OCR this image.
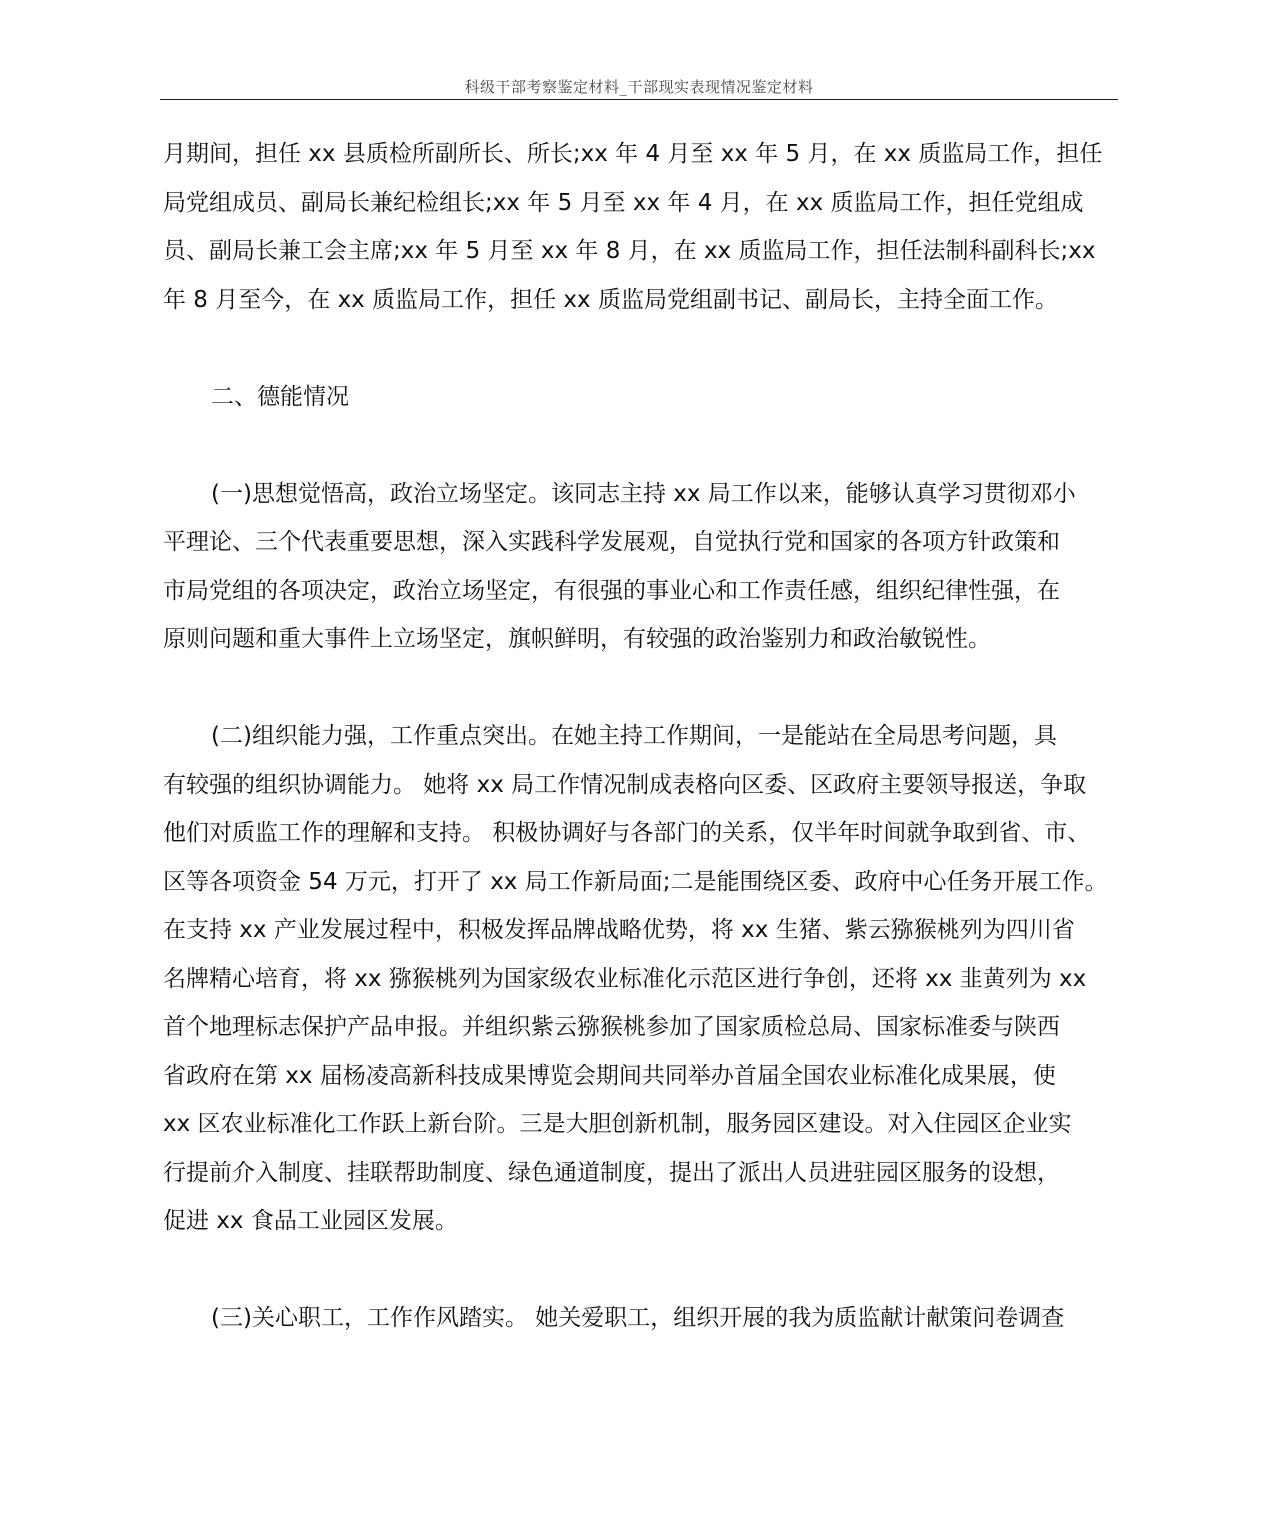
科级干部考察鉴定材料_干部现实表现情况鉴定材料
月期间，担任 xx 县质检所副所长、所长;xx 年 4 月至 xx 年 5 月，在 xx 质监局工作，担任
局党组成员、副局长兼纪检组长;xx 年 5 月至 xx 年 4 月，在 xx 质监局工作，担任党组成
员、副局长兼工会主席;xx 年 5 月至 xx 年 8 月，在 xx 质监局工作，担任法制科副科长;xx
年 8 月至今，在 xx 质监局工作，担任 xx 质监局党组副书记、副局长，主持全面工作。
二、德能情况
(一)思想觉悟高，政治立场坚定。该同志主持 xx 局工作以来，能够认真学习贯彻邓小
平理论、三个代表重要思想，深入实践科学发展观，自觉执行党和国家的各项方针政策和
市局党组的各项决定，政治立场坚定，有很强的事业心和工作责任感，组织纪律性强，在
原则问题和重大事件上立场坚定，旗帜鲜明，有较强的政治鉴别力和政治敏锐性。
(二)组织能力强，工作重点突出。在她主持工作期间，一是能站在全局思考问题，具
有较强的组织协调能力。 她将 xx 局工作情况制成表格向区委、区政府主要领导报送，争取
他们对质监工作的理解和支持。 积极协调好与各部门的关系，仅半年时间就争取到省、市、
区等各项资金 54 万元，打开了 xx 局工作新局面;二是能围绕区委、政府中心任务开展工作。
在支持 xx 产业发展过程中，积极发挥品牌战略优势，将 xx 生猪、紫云猕猴桃列为四川省
名牌精心培育，将 xx 猕猴桃列为国家级农业标准化示范区进行争创，还将 xx 韭黄列为 xx
首个地理标志保护产品申报。并组织紫云猕猴桃参加了国家质检总局、国家标准委与陕西
省政府在第 xx 届杨凌高新科技成果博览会期间共同举办首届全国农业标准化成果展，使
xx 区农业标准化工作跃上新台阶。三是大胆创新机制，服务园区建设。对入住园区企业实
行提前介入制度、挂联帮助制度、绿色通道制度，提出了派出人员进驻园区服务的设想，
促进 xx 食品工业园区发展。
(三)关心职工，工作作风踏实。 她关爱职工，组织开展的我为质监献计献策问卷调查
